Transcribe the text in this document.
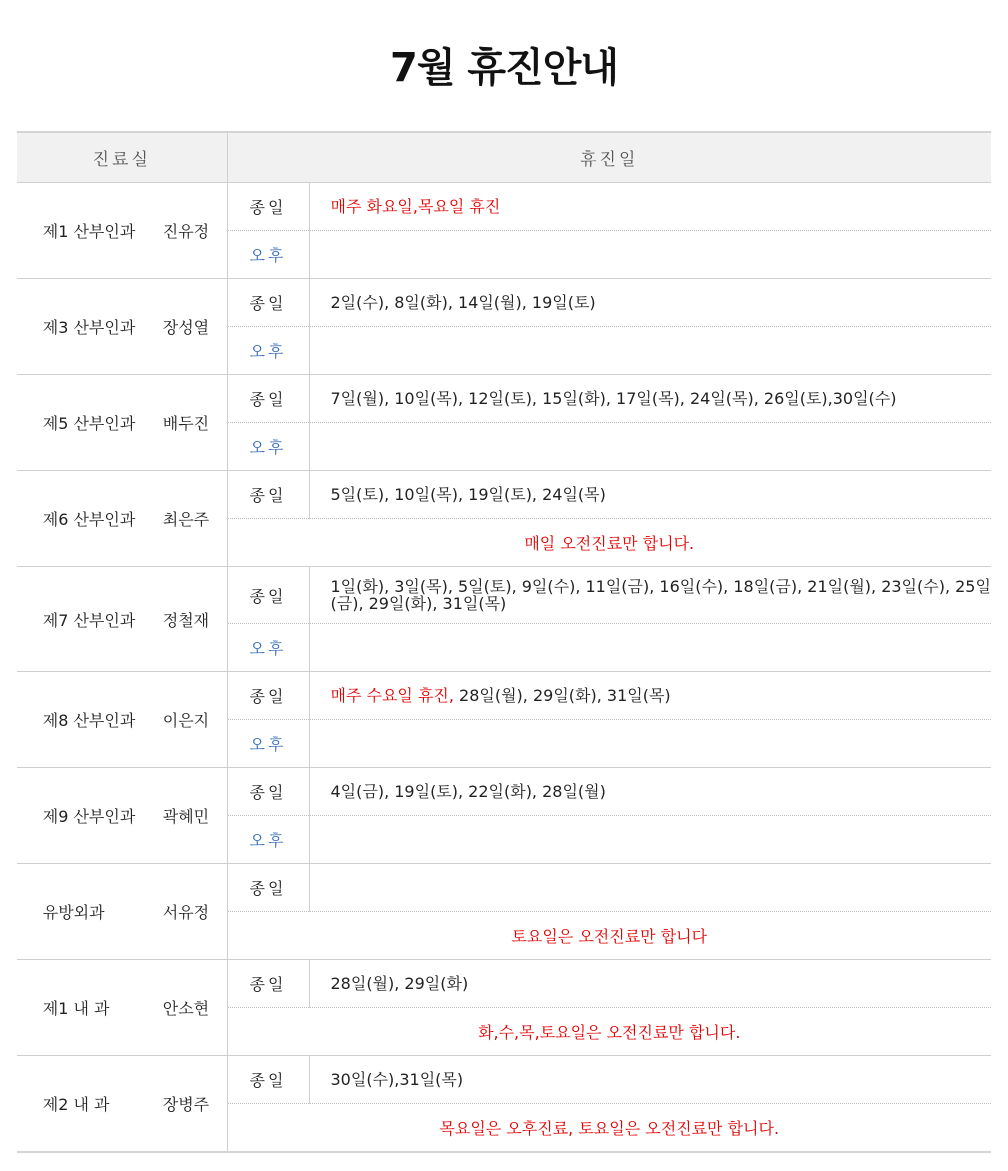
7월 휴진안내
진료실	휴진일	
제1 산부인과 진유정	종일	매주 화요일,목요일 휴진
	오후	
제3 산부인과 장성열	종일	2일(수), 8일(화), 14일(월), 19일(토)
	오후	
제5 산부인과 배두진	종일	7일(월), 10일(목), 12일(토), 15일(화), 17일(목), 24일(목), 26일(토),30일(수)
	오후	
제6 산부인과 최은주	종일	5일(토), 10일(목), 19일(토), 24일(목)
	매일 오전진료만 합니다.	
제7 산부인과 정철재	종일	1일(화), 3일(목), 5일(토), 9일(수), 11일(금), 16일(수), 18일(금), 21일(월), 23일(수), 25일(금), 29일(화), 31일(목)
	오후	
제8 산부인과 이은지	종일	매주 수요일 휴진, 28일(월), 29일(화), 31일(목)
	오후	
제9 산부인과 곽혜민	종일	4일(금), 19일(토), 22일(화), 28일(월)
	오후	
유방외과 서유정	종일	
	토요일은 오전진료만 합니다	
제1 내 과 안소현	종일	28일(월), 29일(화)
	화,수,목,토요일은 오전진료만 합니다.	
제2 내 과 장병주	종일	30일(수),31일(목)
	목요일은 오후진료, 토요일은 오전진료만 합니다.	
